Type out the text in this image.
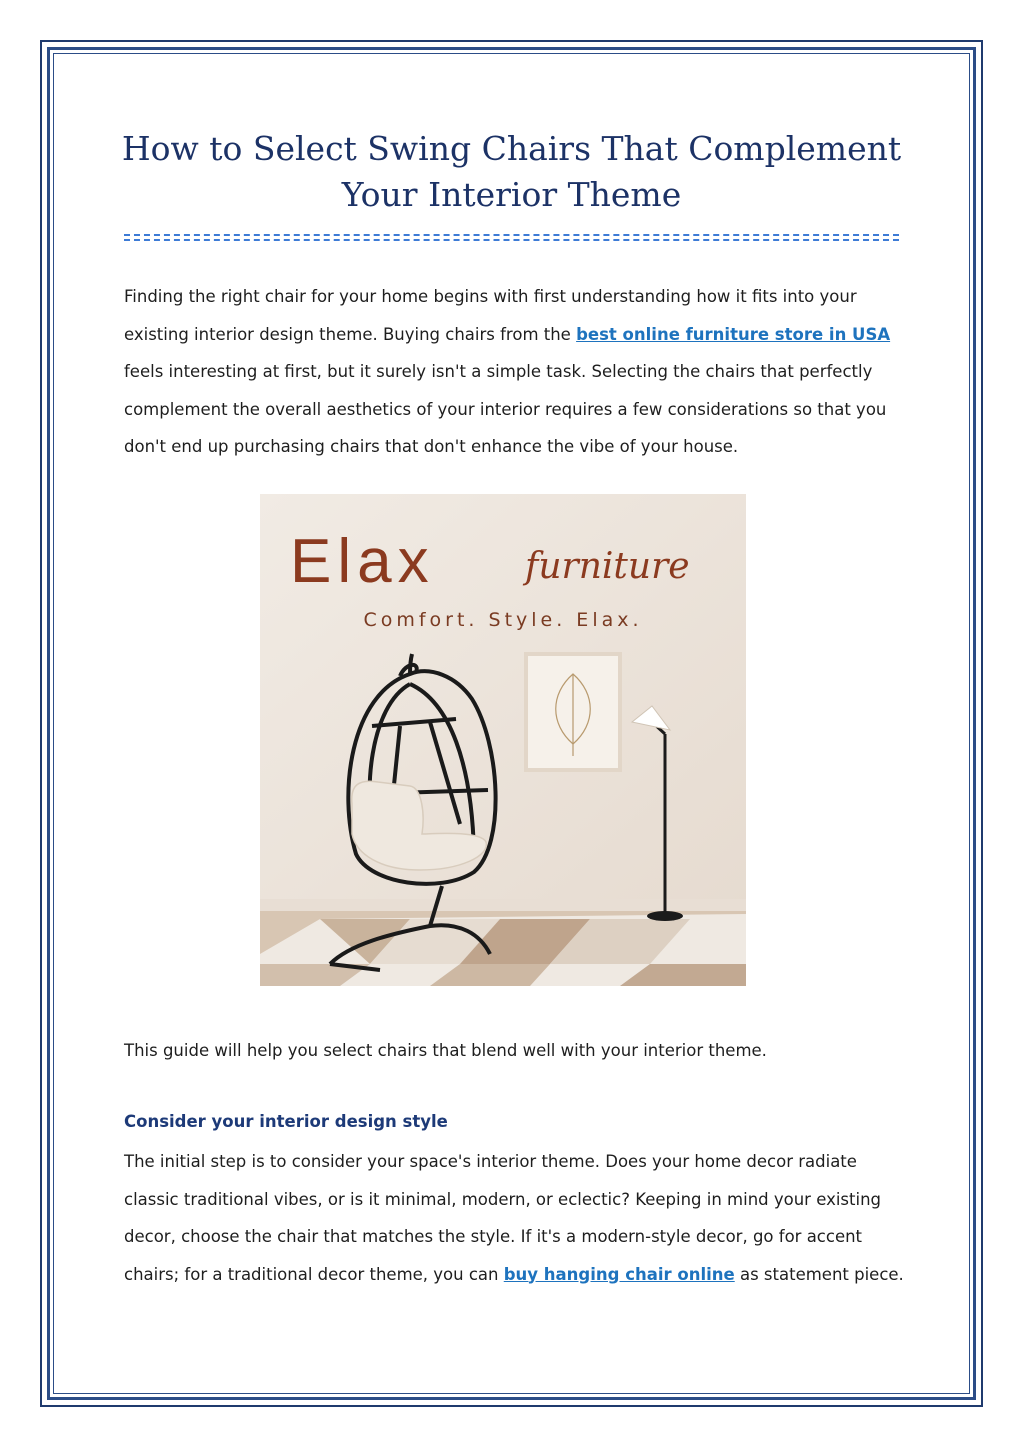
How to Select Swing Chairs That Complement
Your Interior Theme

Finding the right chair for your home begins with first understanding how it fits into your existing interior design theme. Buying chairs from the best online furniture store in USA feels interesting at first, but it surely isn't a simple task. Selecting the chairs that perfectly complement the overall aesthetics of your interior requires a few considerations so that you don't end up purchasing chairs that don't enhance the vibe of your house.

Elax	furniture
Comfort. Style. Elax.

This guide will help you select chairs that blend well with your interior theme.

Consider your interior design style

The initial step is to consider your space's interior theme. Does your home decor radiate classic traditional vibes, or is it minimal, modern, or eclectic? Keeping in mind your existing decor, choose the chair that matches the style. If it's a modern-style decor, go for accent chairs; for a traditional decor theme, you can buy hanging chair online as statement piece.
